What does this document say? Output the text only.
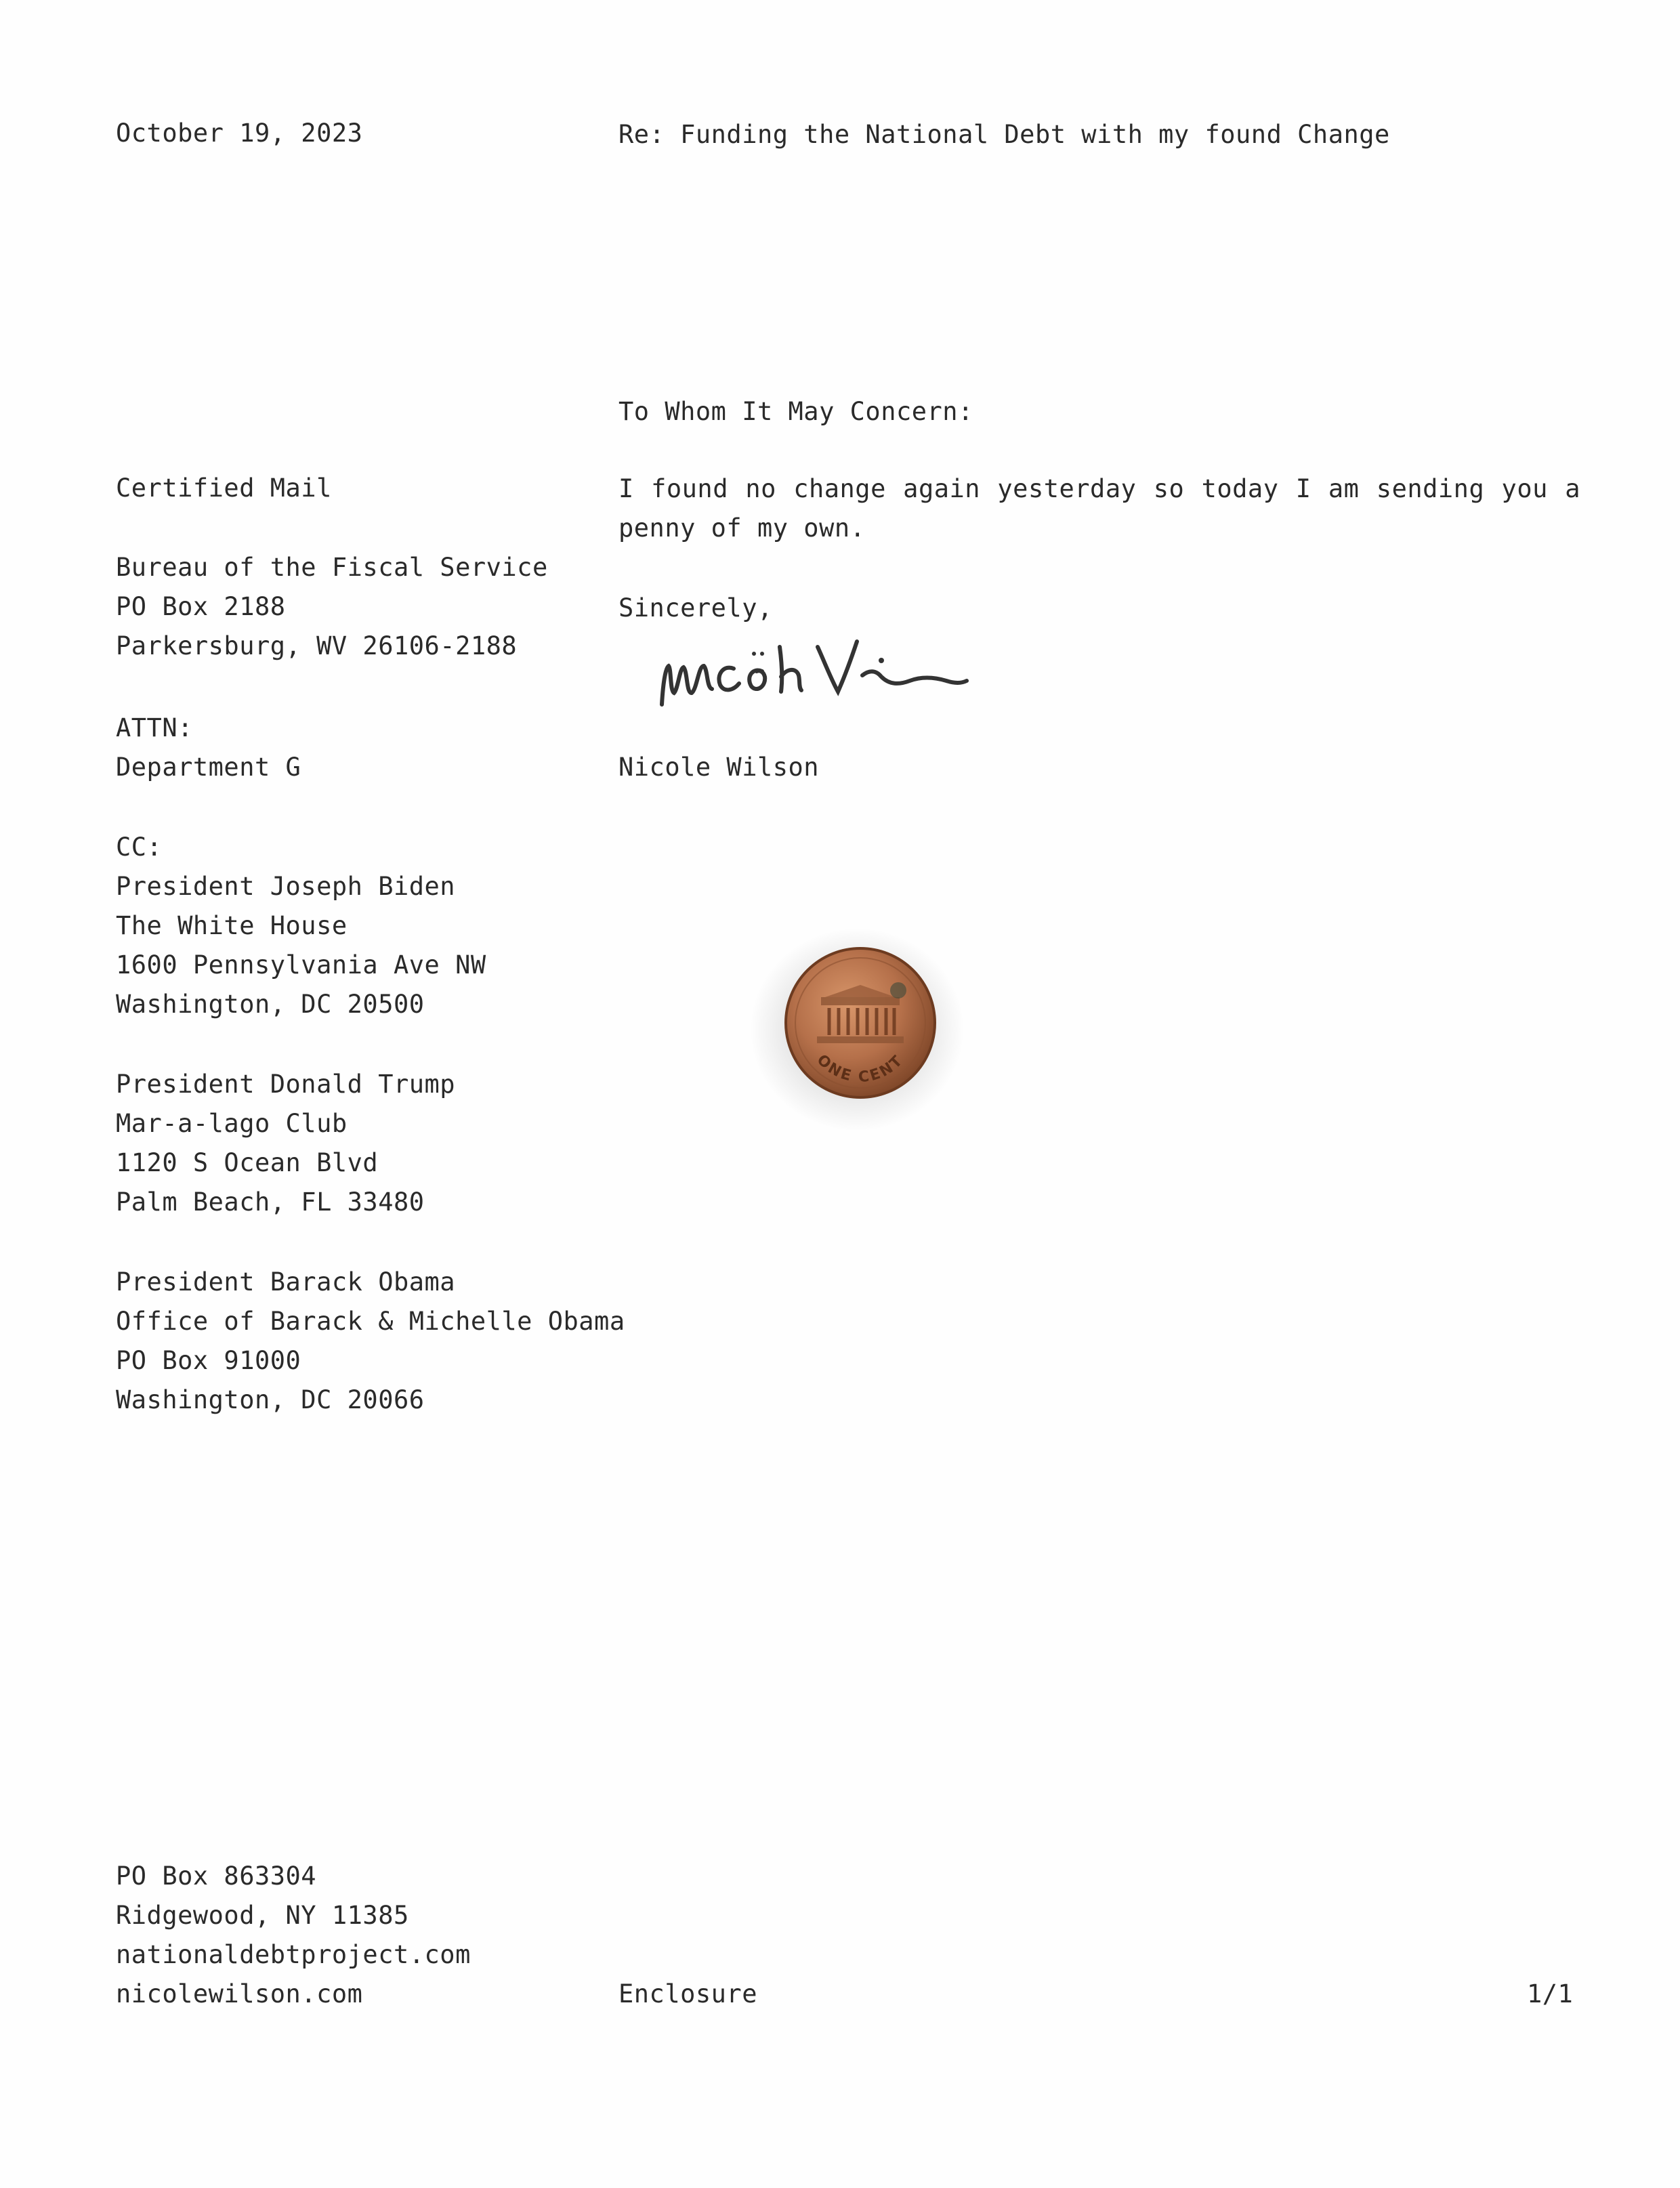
October 19, 2023	Re: Funding the National Debt with my found Change
To Whom It May Concern:
I found no change again yesterday so today I am sending you a penny of my own.
Sincerely,
Nicole Wilson
Certified Mail
Bureau of the Fiscal Service
PO Box 2188
Parkersburg, WV 26106-2188
ATTN:
Department G
CC:
President Joseph Biden
The White House
1600 Pennsylvania Ave NW
Washington, DC 20500
President Donald Trump
Mar-a-lago Club
1120 S Ocean Blvd
Palm Beach, FL 33480
President Barack Obama
Office of Barack & Michelle Obama
PO Box 91000
Washington, DC 20066
ONE CENT
PO Box 863304
Ridgewood, NY 11385
nationaldebtproject.com
nicolewilson.com	Enclosure	1/1
